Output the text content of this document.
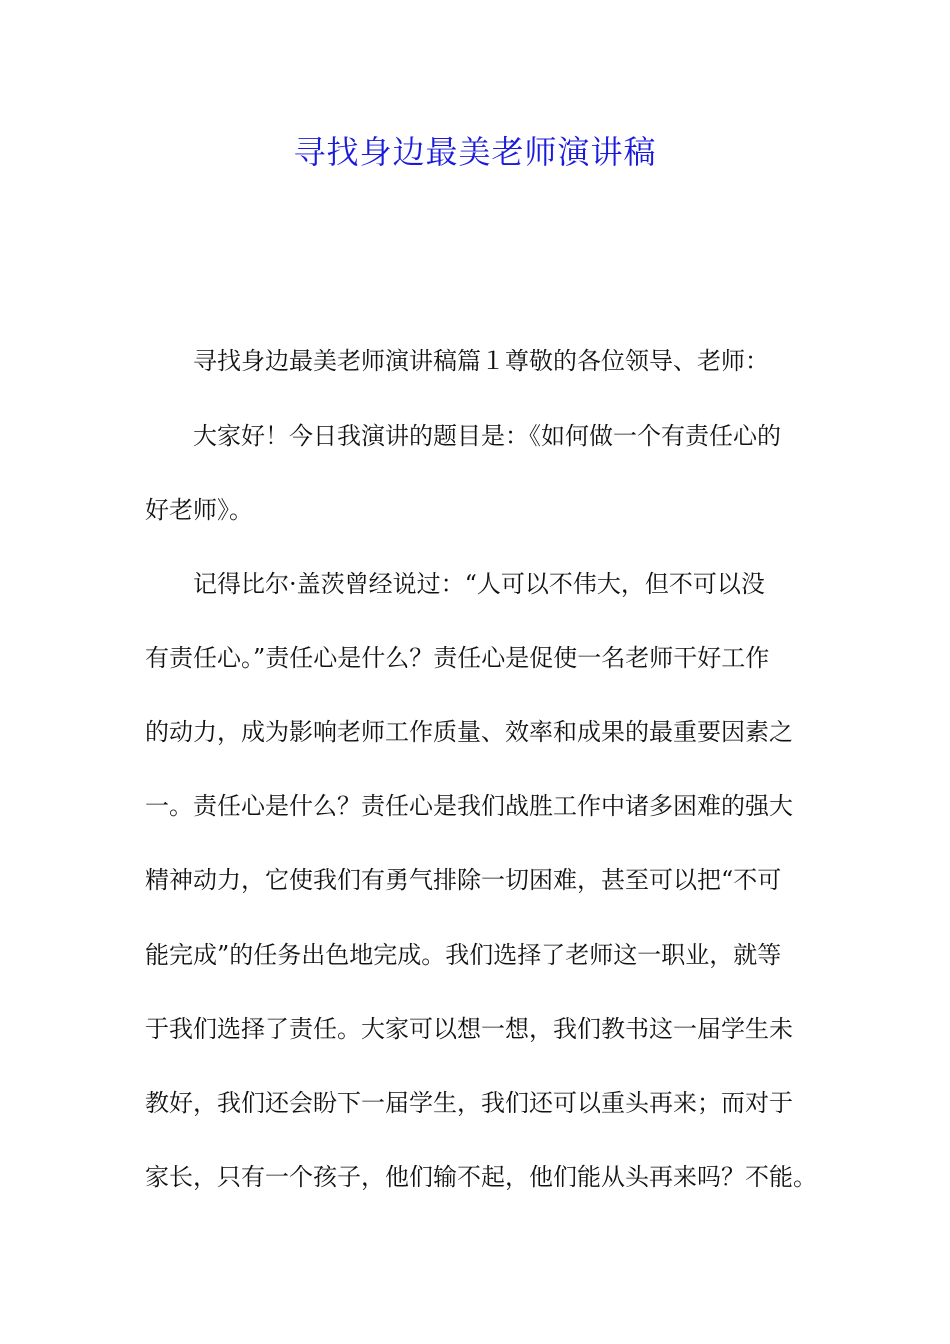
寻找身边最美老师演讲稿

寻找身边最美老师演讲稿篇１尊敬的各位领导、老师：

大家好！今日我演讲的题目是：《如何做一个有责任心的

好老师》。

记得比尔·盖茨曾经说过：“人可以不伟大，但不可以没

有责任心。”责任心是什么？责任心是促使一名老师干好工作

的动力，成为影响老师工作质量、效率和成果的最重要因素之

一。责任心是什么？责任心是我们战胜工作中诸多困难的强大

精神动力，它使我们有勇气排除一切困难，甚至可以把“不可

能完成”的任务出色地完成。我们选择了老师这一职业，就等

于我们选择了责任。大家可以想一想，我们教书这一届学生未

教好，我们还会盼下一届学生，我们还可以重头再来；而对于

家长，只有一个孩子，他们输不起，他们能从头再来吗？不能。
